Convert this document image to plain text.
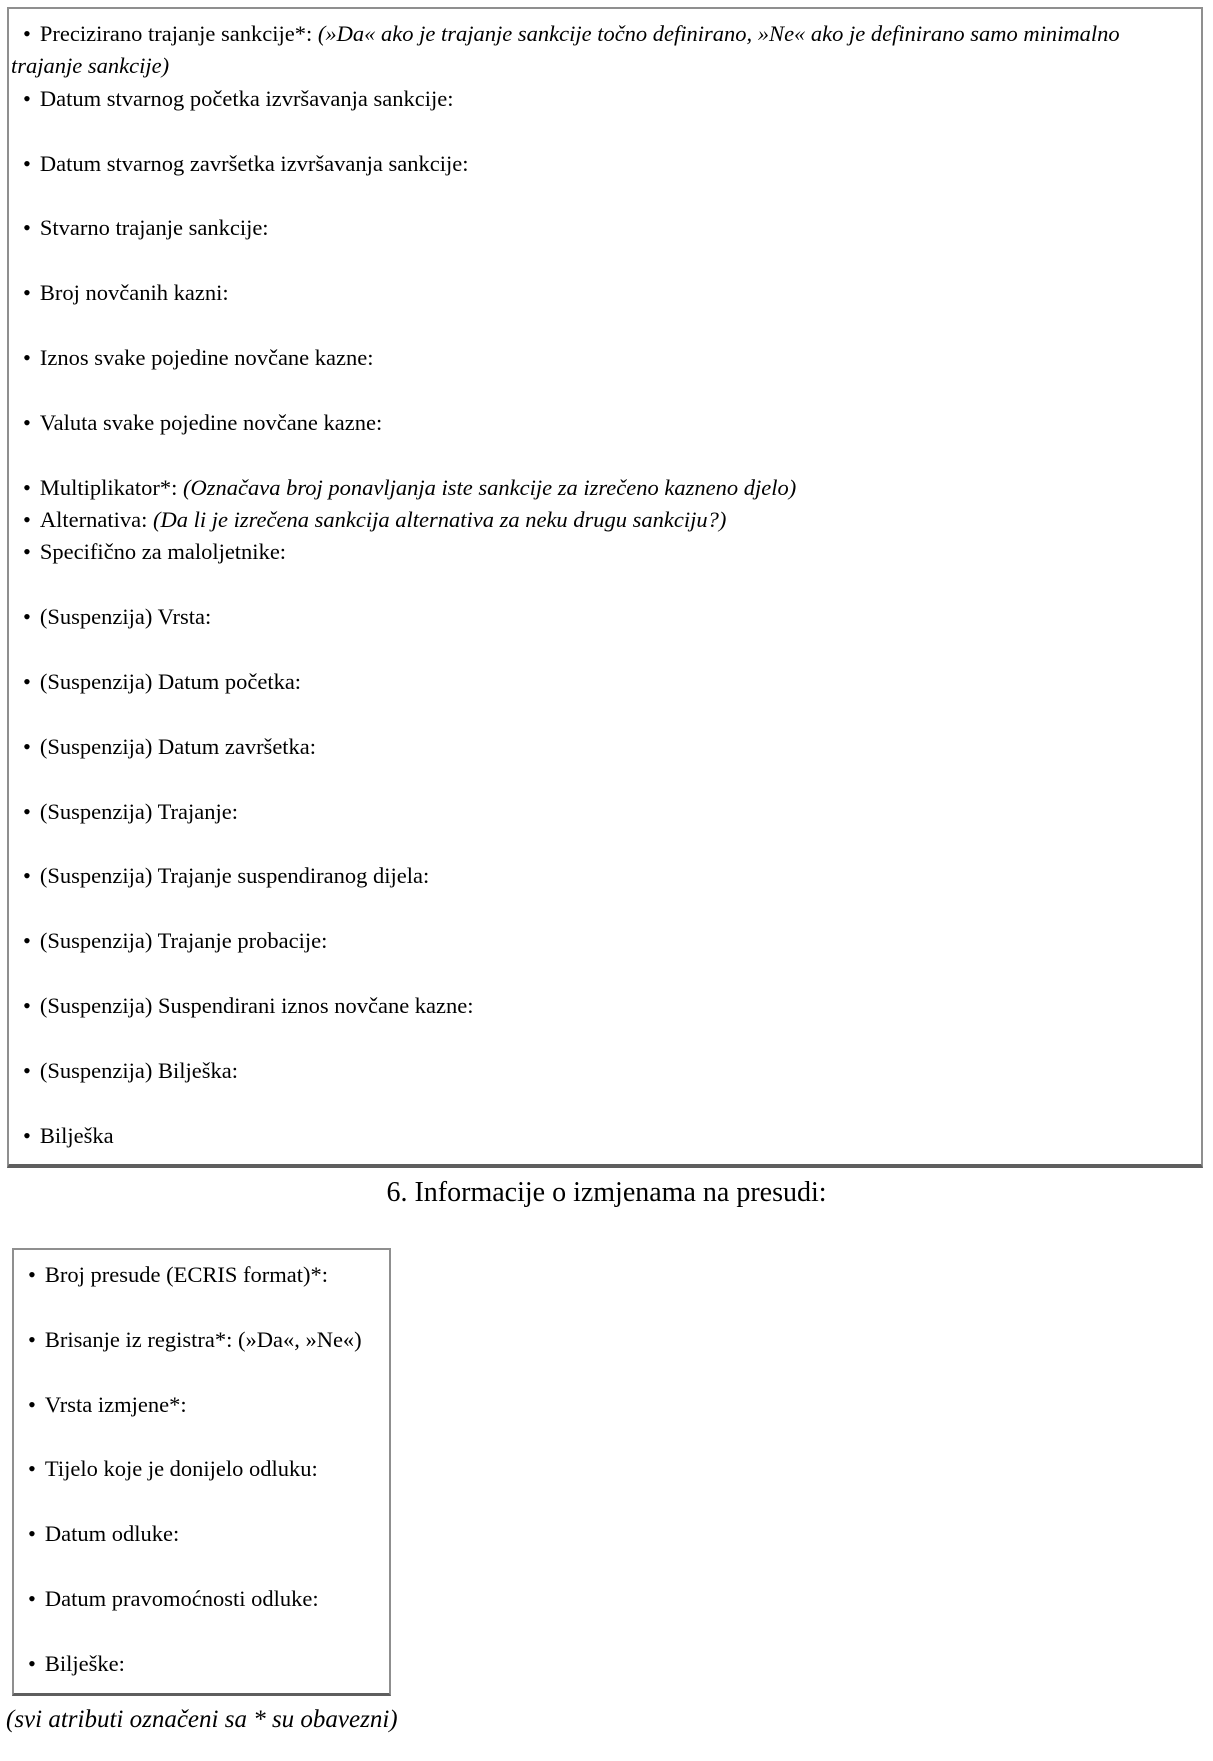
• Precizirano trajanje sankcije*: (»Da« ako je trajanje sankcije točno definirano, »Ne« ako je definirano samo minimalno trajanje sankcije)

• Datum stvarnog početka izvršavanja sankcije:

• Datum stvarnog završetka izvršavanja sankcije:

• Stvarno trajanje sankcije:

• Broj novčanih kazni:

• Iznos svake pojedine novčane kazne:

• Valuta svake pojedine novčane kazne:

• Multiplikator*: (Označava broj ponavljanja iste sankcije za izrečeno kazneno djelo)

• Alternativa: (Da li je izrečena sankcija alternativa za neku drugu sankciju?)

• Specifično za maloljetnike:

• (Suspenzija) Vrsta:

• (Suspenzija) Datum početka:

• (Suspenzija) Datum završetka:

• (Suspenzija) Trajanje:

• (Suspenzija) Trajanje suspendiranog dijela:

• (Suspenzija) Trajanje probacije:

• (Suspenzija) Suspendirani iznos novčane kazne:

• (Suspenzija) Bilješka:

• Bilješka

6. Informacije o izmjenama na presudi:

• Broj presude (ECRIS format)*:

• Brisanje iz registra*: (»Da«, »Ne«)

• Vrsta izmjene*:

• Tijelo koje je donijelo odluku:

• Datum odluke:

• Datum pravomoćnosti odluke:

• Bilješke:

(svi atributi označeni sa * su obavezni)
